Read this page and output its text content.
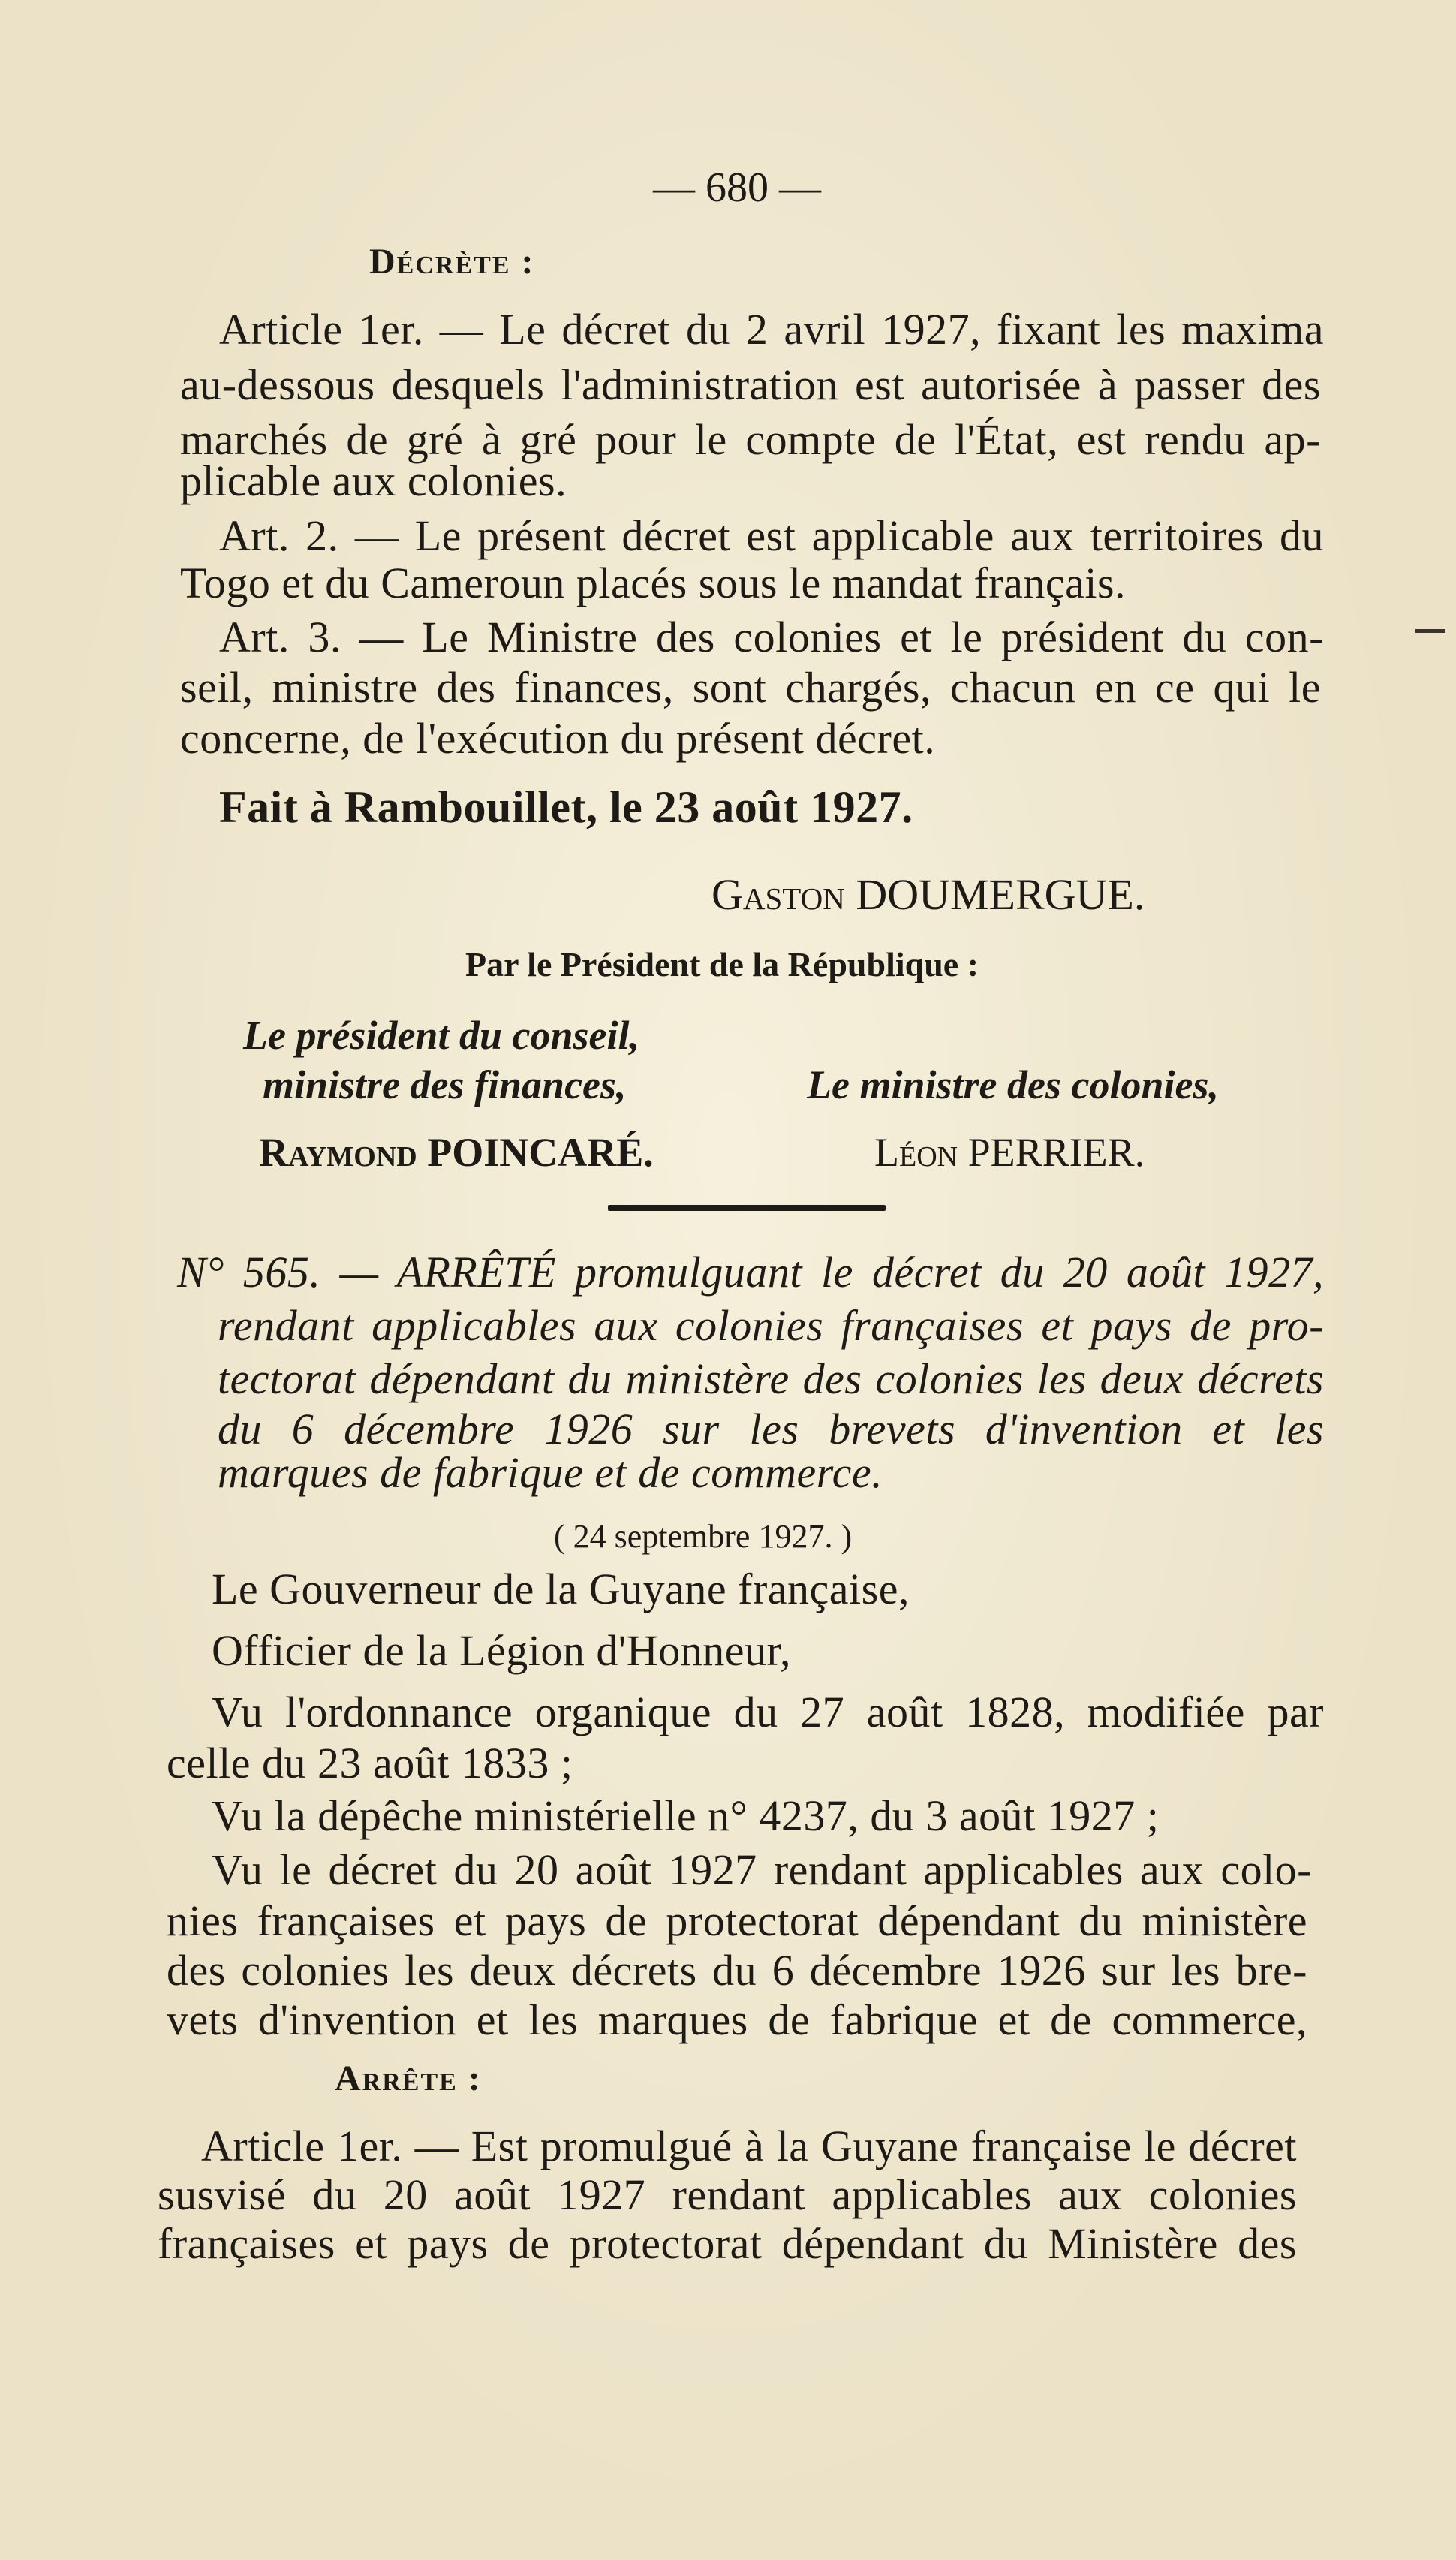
— 680 —
Décrète :
Article 1er. — Le décret du 2 avril 1927, fixant les maxima
au-dessous desquels l'administration est autorisée à passer des
marchés de gré à gré pour le compte de l'État, est rendu ap-
plicable aux colonies.
Art. 2. — Le présent décret est applicable aux territoires du
Togo et du Cameroun placés sous le mandat français.
Art. 3. — Le Ministre des colonies et le président du con-
seil, ministre des finances, sont chargés, chacun en ce qui le
concerne, de l'exécution du présent décret.
Fait à Rambouillet, le 23 août 1927.
Gaston DOUMERGUE.
Par le Président de la République :
Le président du conseil,
ministre des finances,	Le ministre des colonies,
Raymond POINCARÉ.	Léon PERRIER.
N° 565. — ARRÊTÉ promulguant le décret du 20 août 1927,
rendant applicables aux colonies françaises et pays de pro-
tectorat dépendant du ministère des colonies les deux décrets
du 6 décembre 1926 sur les brevets d'invention et les
marques de fabrique et de commerce.
( 24 septembre 1927. )
Le Gouverneur de la Guyane française,
Officier de la Légion d'Honneur,
Vu l'ordonnance organique du 27 août 1828, modifiée par
celle du 23 août 1833 ;
Vu la dépêche ministérielle n° 4237, du 3 août 1927 ;
Vu le décret du 20 août 1927 rendant applicables aux colo-
nies françaises et pays de protectorat dépendant du ministère
des colonies les deux décrets du 6 décembre 1926 sur les bre-
vets d'invention et les marques de fabrique et de commerce,
Arrête :
Article 1er. — Est promulgué à la Guyane française le décret
susvisé du 20 août 1927 rendant applicables aux colonies
françaises et pays de protectorat dépendant du Ministère des
